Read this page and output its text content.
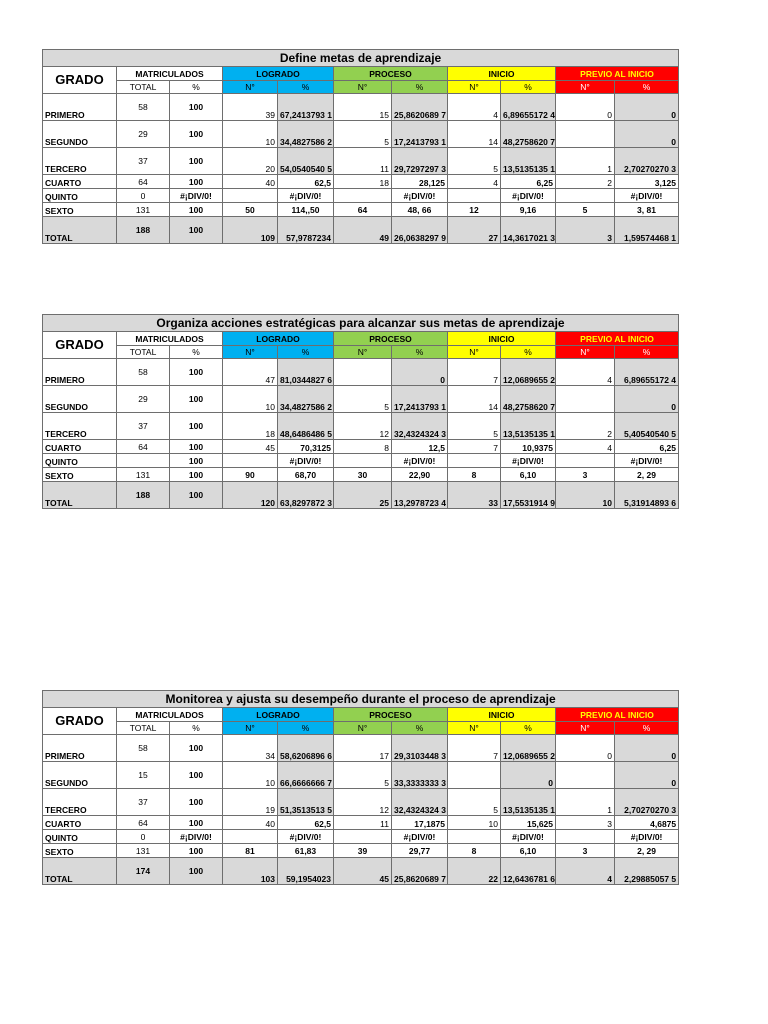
Define metas de aprendizaje										
GRADO	MATRICULADOS		LOGRADO		PROCESO		INICIO		PREVIO AL INICIO	
	TOTAL	%	N°	%	N°	%	N°	%	N°	%
PRIMERO	58	100	39	67,2413793 1	15	25,8620689 7	4	6,89655172 4	0	0
SEGUNDO	29	100	10	34,4827586 2	5	17,2413793 1	14	48,2758620 7		0
TERCERO	37	100	20	54,0540540 5	11	29,7297297 3	5	13,5135135 1	1	2,70270270 3
CUARTO	64	100	40	62,5	18	28,125	4	6,25	2	3,125
QUINTO	0	#¡DIV/0!		#¡DIV/0!		#¡DIV/0!		#¡DIV/0!		#¡DIV/0!
SEXTO	131	100	50	114,,50	64	48, 66	12	9,16	5	3, 81
TOTAL	188	100	109	57,9787234	49	26,0638297 9	27	14,3617021 3	3	1,59574468 1
Organiza acciones estratégicas para alcanzar sus metas de aprendizaje										
GRADO	MATRICULADOS		LOGRADO		PROCESO		INICIO		PREVIO AL INICIO	
	TOTAL	%	N°	%	N°	%	N°	%	N°	%
PRIMERO	58	100	47	81,0344827 6		0	7	12,0689655 2	4	6,89655172 4
SEGUNDO	29	100	10	34,4827586 2	5	17,2413793 1	14	48,2758620 7		0
TERCERO	37	100	18	48,6486486 5	12	32,4324324 3	5	13,5135135 1	2	5,40540540 5
CUARTO	64	100	45	70,3125	8	12,5	7	10,9375	4	6,25
QUINTO		100		#¡DIV/0!		#¡DIV/0!		#¡DIV/0!		#¡DIV/0!
SEXTO	131	100	90	68,70	30	22,90	8	6,10	3	2, 29
TOTAL	188	100	120	63,8297872 3	25	13,2978723 4	33	17,5531914 9	10	5,31914893 6
Monitorea y ajusta su desempeño durante el proceso de aprendizaje										
GRADO	MATRICULADOS		LOGRADO		PROCESO		INICIO		PREVIO AL INICIO	
	TOTAL	%	N°	%	N°	%	N°	%	N°	%
PRIMERO	58	100	34	58,6206896 6	17	29,3103448 3	7	12,0689655 2	0	0
SEGUNDO	15	100	10	66,6666666 7	5	33,3333333 3		0		0
TERCERO	37	100	19	51,3513513 5	12	32,4324324 3	5	13,5135135 1	1	2,70270270 3
CUARTO	64	100	40	62,5	11	17,1875	10	15,625	3	4,6875
QUINTO	0	#¡DIV/0!		#¡DIV/0!		#¡DIV/0!		#¡DIV/0!		#¡DIV/0!
SEXTO	131	100	81	61,83	39	29,77	8	6,10	3	2, 29
TOTAL	174	100	103	59,1954023	45	25,8620689 7	22	12,6436781 6	4	2,29885057 5
